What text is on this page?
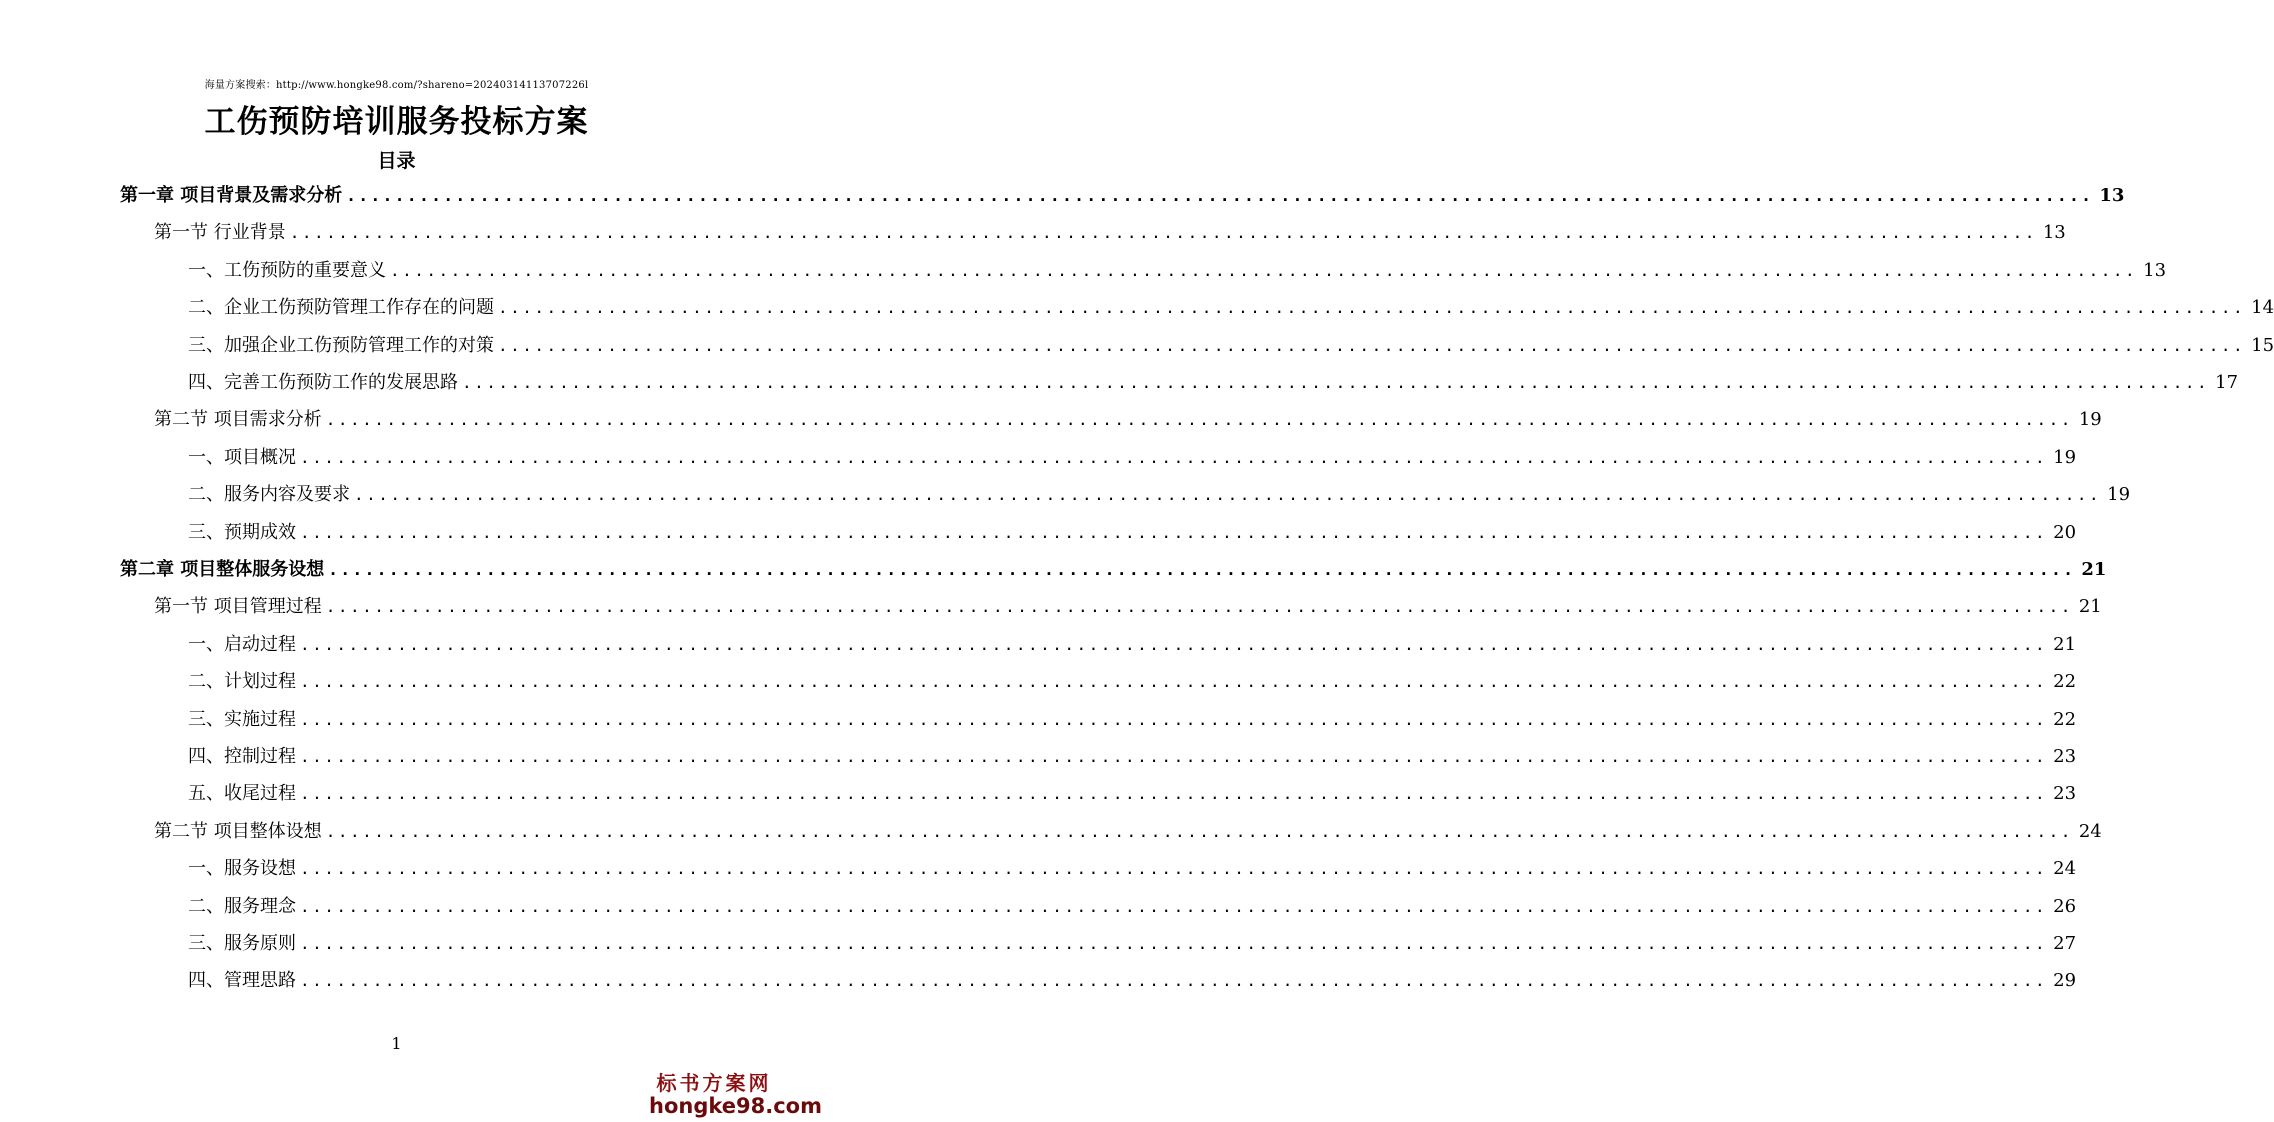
海量方案搜索：http://www.hongke98.com/?shareno=20240314113707226l
工伤预防培训服务投标方案
目录
第一章 项目背景及需求分析 .....	13
第一节 行业背景 .....	13
一、工伤预防的重要意义 .....	13
二、企业工伤预防管理工作存在的问题 .....	14
三、加强企业工伤预防管理工作的对策 .....	15
四、完善工伤预防工作的发展思路 .....	17
第二节 项目需求分析 .....	19
一、项目概况 .....	19
二、服务内容及要求 .....	19
三、预期成效 .....	20
第二章 项目整体服务设想 .....	21
第一节 项目管理过程 .....	21
一、启动过程 .....	21
二、计划过程 .....	22
三、实施过程 .....	22
四、控制过程 .....	23
五、收尾过程 .....	23
第二节 项目整体设想 .....	24
一、服务设想 .....	24
二、服务理念 .....	26
三、服务原则 .....	27
四、管理思路 .....	29
1
标书方案网
hongke98.com
